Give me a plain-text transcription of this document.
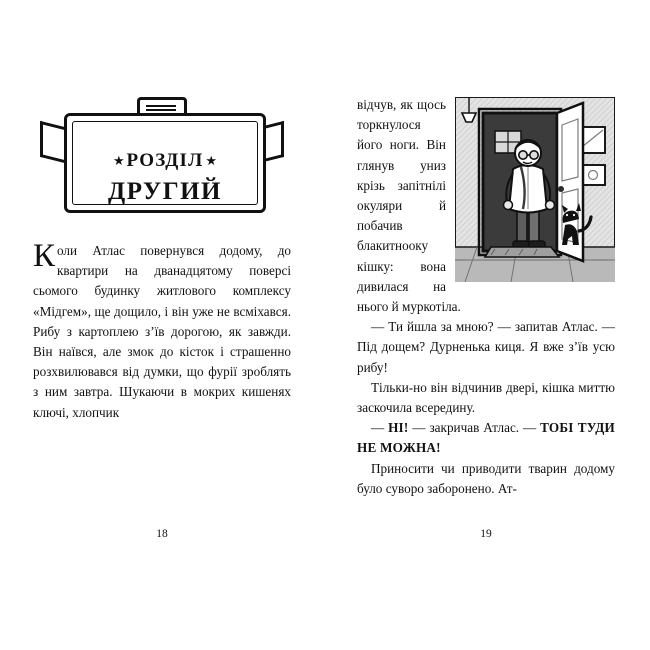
★	★
РОЗДІЛ
ДРУГИЙ

Коли Атлас повернувся додому, до квартири на дванадцятому поверсі сьомого будинку житлового комплексу «Мідгем», ще дощило, і він уже не всміхався. Рибу з картоплею з’їв дорогою, як завжди. Він наївся, але змок до кісток і страшенно розхвилювався від думки, що фурії зроблять з ним завтра. Шукаючи в мокрих кишенях ключі, хлопчик

18

відчув, як щось торкнулося його ноги. Він глянув униз крізь запітнілі окуляри й побачив блакитнооку кішку: вона дивилася на нього й муркотіла.

— Ти йшла за мною? — запитав Атлас. — Під дощем? Дурненька киця. Я вже з’їв усю рибу!

Тільки-но він відчинив двері, кішка миттю заскочила всередину.

— НІ! — закричав Атлас. — ТОБІ ТУДИ НЕ МОЖНА!

Приносити чи приводити тварин додому було суворо заборонено. Ат-

19
